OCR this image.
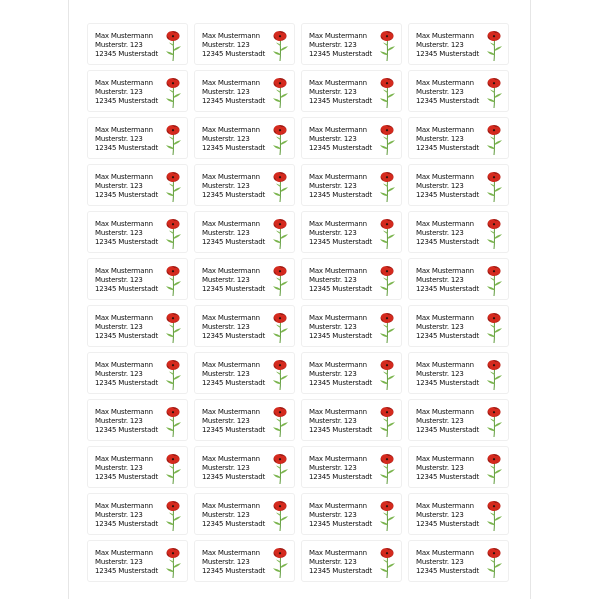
Max Mustermann
Musterstr. 123
12345 Musterstadt
Max Mustermann
Musterstr. 123
12345 Musterstadt
Max Mustermann
Musterstr. 123
12345 Musterstadt
Max Mustermann
Musterstr. 123
12345 Musterstadt
Max Mustermann
Musterstr. 123
12345 Musterstadt
Max Mustermann
Musterstr. 123
12345 Musterstadt
Max Mustermann
Musterstr. 123
12345 Musterstadt
Max Mustermann
Musterstr. 123
12345 Musterstadt
Max Mustermann
Musterstr. 123
12345 Musterstadt
Max Mustermann
Musterstr. 123
12345 Musterstadt
Max Mustermann
Musterstr. 123
12345 Musterstadt
Max Mustermann
Musterstr. 123
12345 Musterstadt
Max Mustermann
Musterstr. 123
12345 Musterstadt
Max Mustermann
Musterstr. 123
12345 Musterstadt
Max Mustermann
Musterstr. 123
12345 Musterstadt
Max Mustermann
Musterstr. 123
12345 Musterstadt
Max Mustermann
Musterstr. 123
12345 Musterstadt
Max Mustermann
Musterstr. 123
12345 Musterstadt
Max Mustermann
Musterstr. 123
12345 Musterstadt
Max Mustermann
Musterstr. 123
12345 Musterstadt
Max Mustermann
Musterstr. 123
12345 Musterstadt
Max Mustermann
Musterstr. 123
12345 Musterstadt
Max Mustermann
Musterstr. 123
12345 Musterstadt
Max Mustermann
Musterstr. 123
12345 Musterstadt
Max Mustermann
Musterstr. 123
12345 Musterstadt
Max Mustermann
Musterstr. 123
12345 Musterstadt
Max Mustermann
Musterstr. 123
12345 Musterstadt
Max Mustermann
Musterstr. 123
12345 Musterstadt
Max Mustermann
Musterstr. 123
12345 Musterstadt
Max Mustermann
Musterstr. 123
12345 Musterstadt
Max Mustermann
Musterstr. 123
12345 Musterstadt
Max Mustermann
Musterstr. 123
12345 Musterstadt
Max Mustermann
Musterstr. 123
12345 Musterstadt
Max Mustermann
Musterstr. 123
12345 Musterstadt
Max Mustermann
Musterstr. 123
12345 Musterstadt
Max Mustermann
Musterstr. 123
12345 Musterstadt
Max Mustermann
Musterstr. 123
12345 Musterstadt
Max Mustermann
Musterstr. 123
12345 Musterstadt
Max Mustermann
Musterstr. 123
12345 Musterstadt
Max Mustermann
Musterstr. 123
12345 Musterstadt
Max Mustermann
Musterstr. 123
12345 Musterstadt
Max Mustermann
Musterstr. 123
12345 Musterstadt
Max Mustermann
Musterstr. 123
12345 Musterstadt
Max Mustermann
Musterstr. 123
12345 Musterstadt
Max Mustermann
Musterstr. 123
12345 Musterstadt
Max Mustermann
Musterstr. 123
12345 Musterstadt
Max Mustermann
Musterstr. 123
12345 Musterstadt
Max Mustermann
Musterstr. 123
12345 Musterstadt
